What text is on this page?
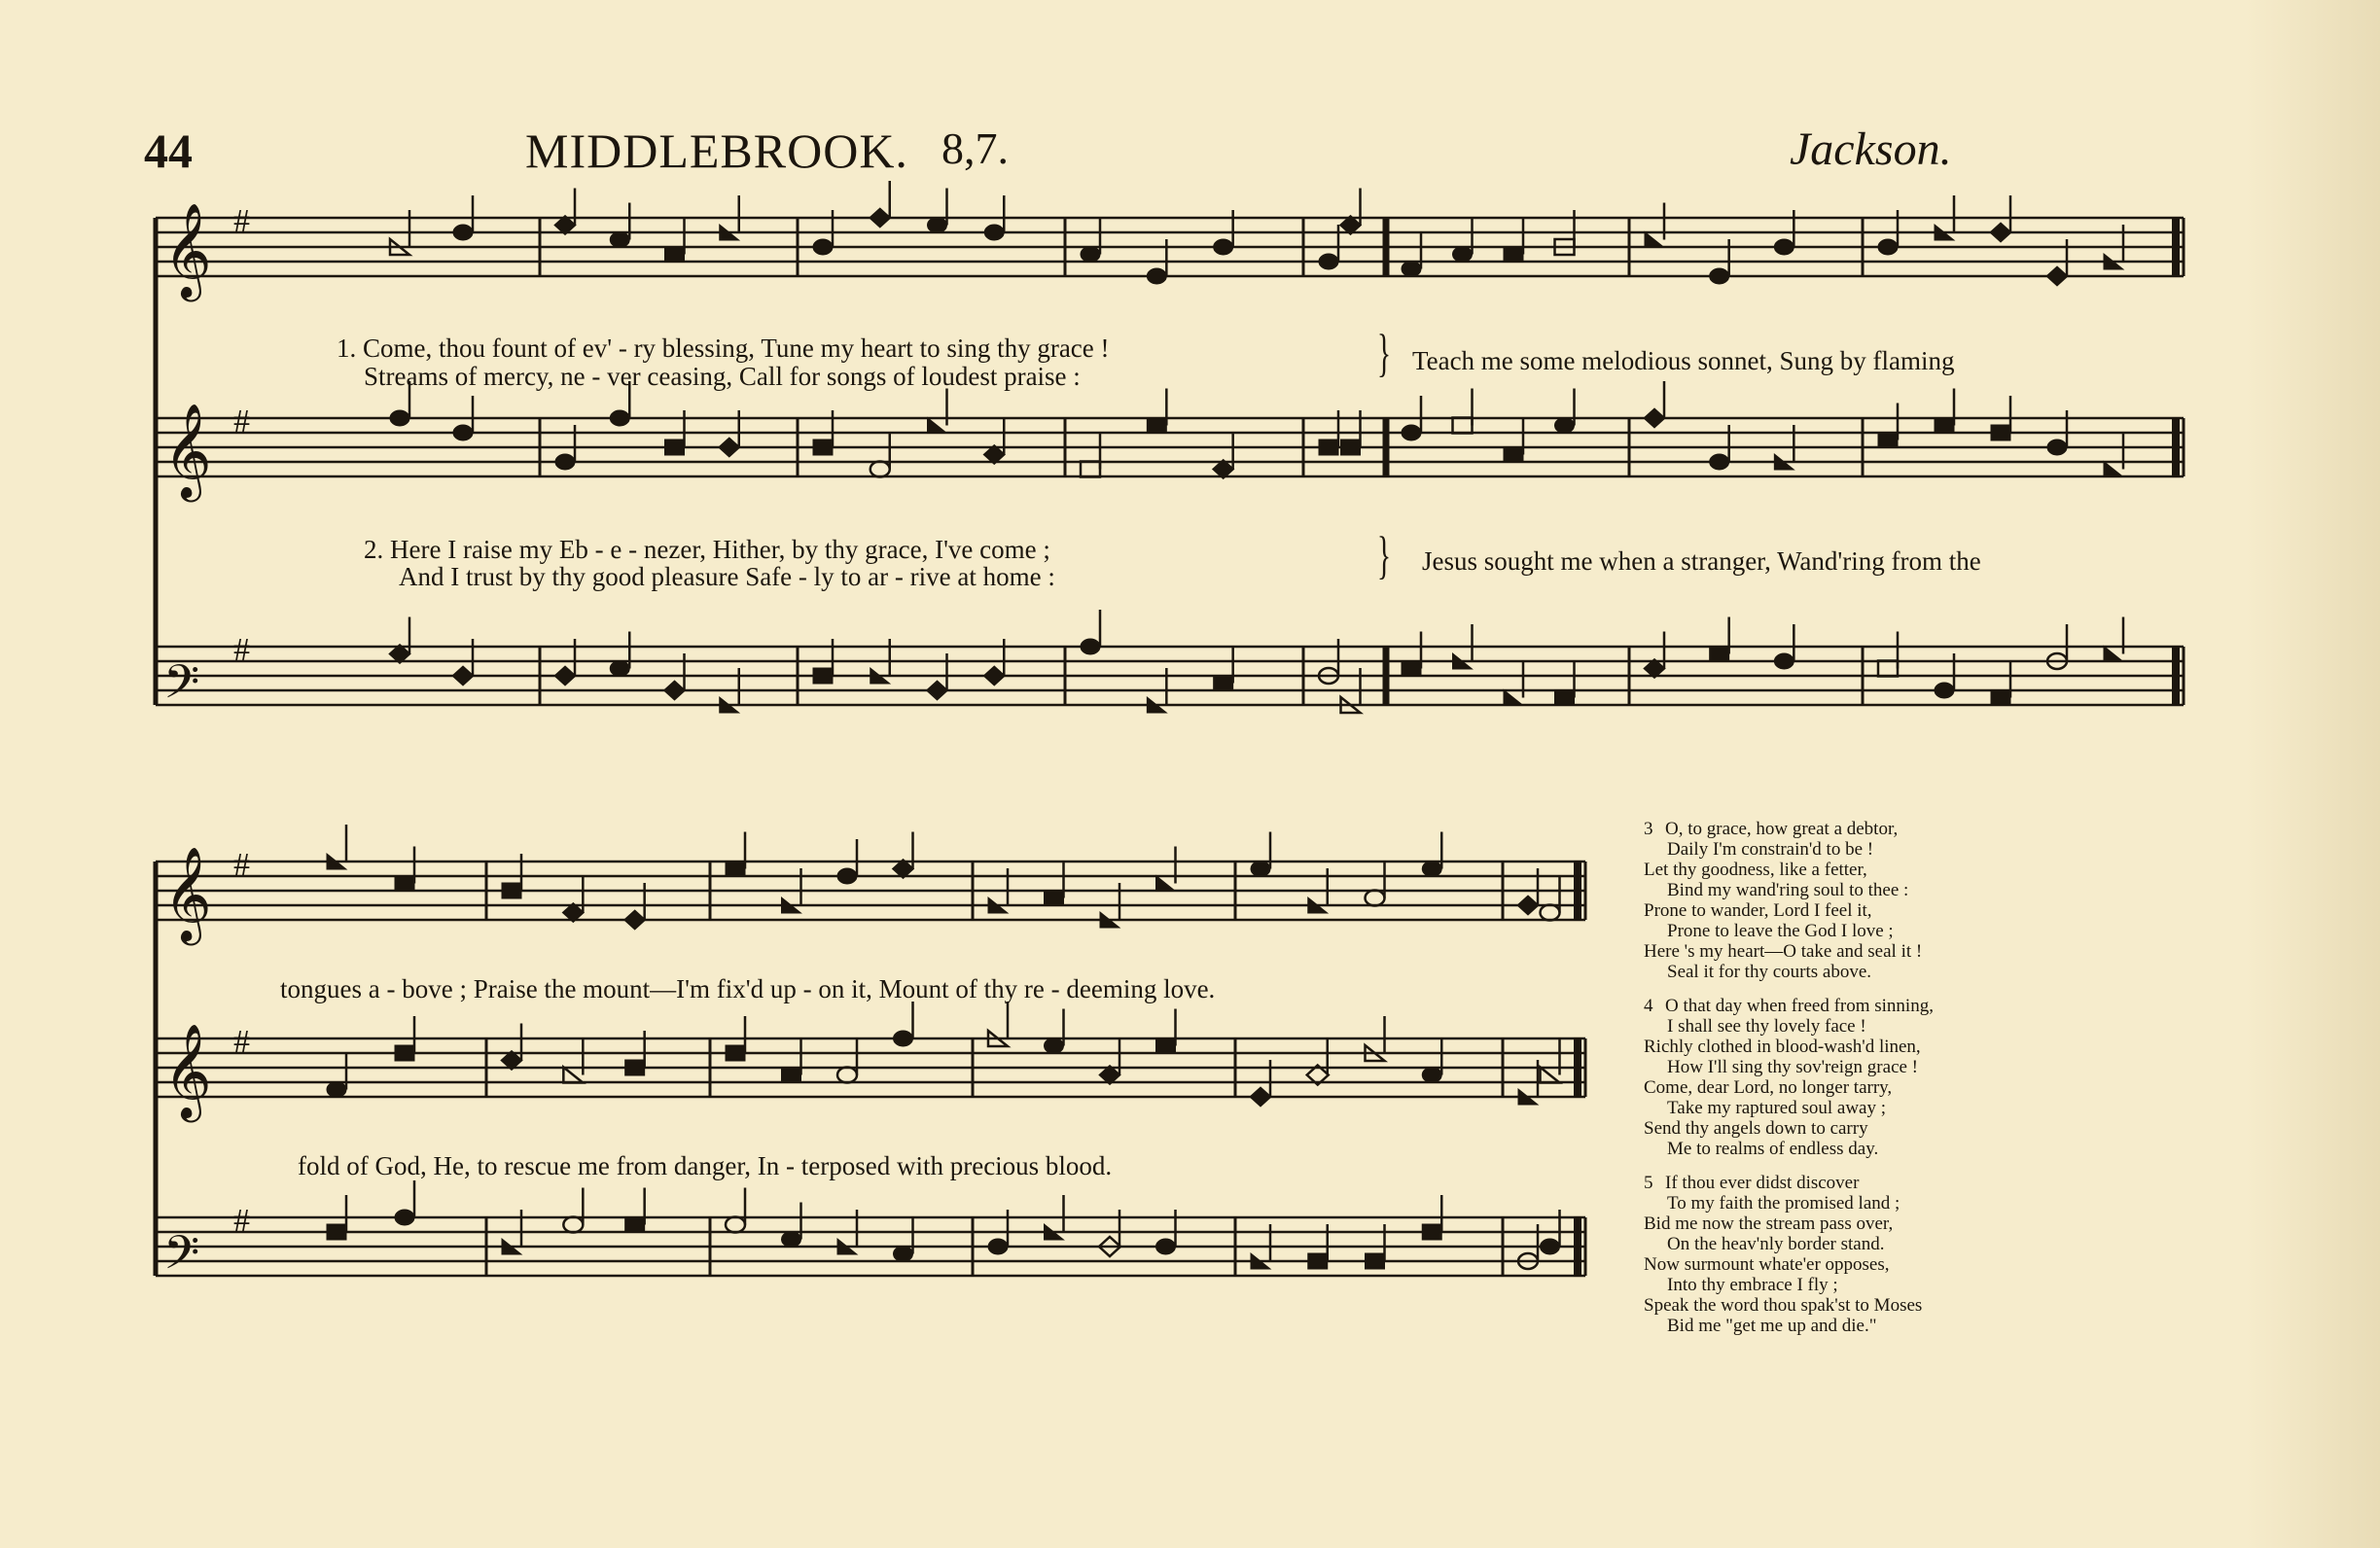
44	MIDDLEBROOK. 8,7.	Jackson.
𝄞 #
𝄞 #
𝄢
#
𝄞 #
𝄞 #
𝄢
#
1. Come, thou fount of ev' - ry blessing, Tune my heart to sing thy grace !
Streams of mercy, ne - ver ceasing, Call for songs of loudest praise :	} Teach me some melodious sonnet, Sung by flaming
2. Here I raise my Eb - e - nezer, Hither, by thy grace, I've come ;
And I trust by thy good pleasure Safe - ly to ar - rive at home :	} Jesus sought me when a stranger, Wand'ring from the
tongues a - bove ; Praise the mount—I'm fix'd up - on it, Mount of thy re - deeming love.
fold of God, He, to rescue me from danger, In - terposed with precious blood.
3 O, to grace, how great a debtor,
Daily I'm constrain'd to be !
Let thy goodness, like a fetter,
Bind my wand'ring soul to thee :
Prone to wander, Lord I feel it,
Prone to leave the God I love ;
Here 's my heart—O take and seal it !
Seal it for thy courts above.
4 O that day when freed from sinning,
I shall see thy lovely face !
Richly clothed in blood-wash'd linen,
How I'll sing thy sov'reign grace !
Come, dear Lord, no longer tarry,
Take my raptured soul away ;
Send thy angels down to carry
Me to realms of endless day.
5 If thou ever didst discover
To my faith the promised land ;
Bid me now the stream pass over,
On the heav'nly border stand.
Now surmount whate'er opposes,
Into thy embrace I fly ;
Speak the word thou spak'st to Moses
Bid me "get me up and die."
